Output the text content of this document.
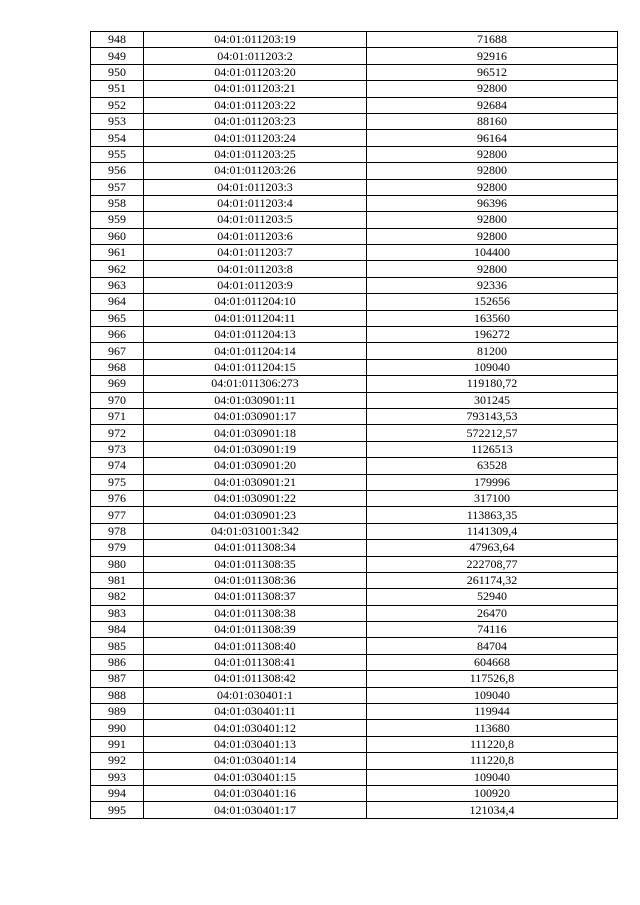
948	04:01:011203:19	71688
949	04:01:011203:2	92916
950	04:01:011203:20	96512
951	04:01:011203:21	92800
952	04:01:011203:22	92684
953	04:01:011203:23	88160
954	04:01:011203:24	96164
955	04:01:011203:25	92800
956	04:01:011203:26	92800
957	04:01:011203:3	92800
958	04:01:011203:4	96396
959	04:01:011203:5	92800
960	04:01:011203:6	92800
961	04:01:011203:7	104400
962	04:01:011203:8	92800
963	04:01:011203:9	92336
964	04:01:011204:10	152656
965	04:01:011204:11	163560
966	04:01:011204:13	196272
967	04:01:011204:14	81200
968	04:01:011204:15	109040
969	04:01:011306:273	119180,72
970	04:01:030901:11	301245
971	04:01:030901:17	793143,53
972	04:01:030901:18	572212,57
973	04:01:030901:19	1126513
974	04:01:030901:20	63528
975	04:01:030901:21	179996
976	04:01:030901:22	317100
977	04:01:030901:23	113863,35
978	04:01:031001:342	1141309,4
979	04:01:011308:34	47963,64
980	04:01:011308:35	222708,77
981	04:01:011308:36	261174,32
982	04:01:011308:37	52940
983	04:01:011308:38	26470
984	04:01:011308:39	74116
985	04:01:011308:40	84704
986	04:01:011308:41	604668
987	04:01:011308:42	117526,8
988	04:01:030401:1	109040
989	04:01:030401:11	119944
990	04:01:030401:12	113680
991	04:01:030401:13	111220,8
992	04:01:030401:14	111220,8
993	04:01:030401:15	109040
994	04:01:030401:16	100920
995	04:01:030401:17	121034,4
